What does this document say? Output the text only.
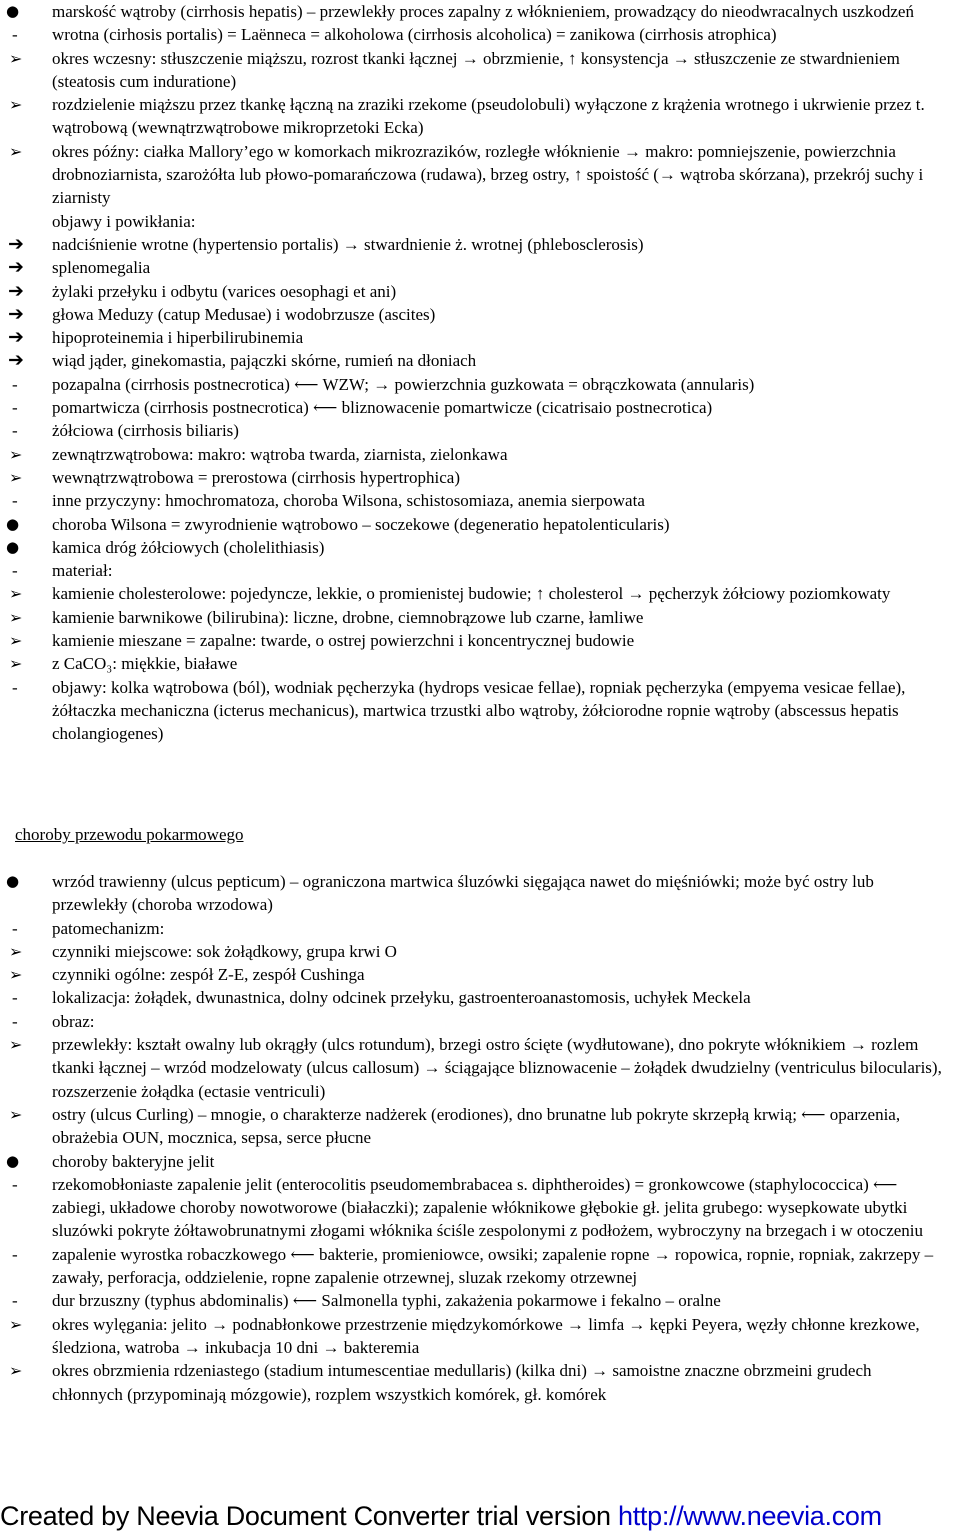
●	marskość wątroby (cirrhosis hepatis) – przewlekły proces zapalny z włóknieniem, prowadzący do nieodwracalnych uszkodzeń
-	wrotna (cirhosis portalis) = Laënneca = alkoholowa (cirrhosis alcoholica) = zanikowa (cirrhosis atrophica)
➢	okres wczesny: stłuszczenie miąższu, rozrost tkanki łącznej → obrzmienie, ↑ konsystencja → stłuszczenie ze stwardnieniem (steatosis cum induratione)
➢	rozdzielenie miąższu przez tkankę łączną na zraziki rzekome (pseudolobuli) wyłączone z krążenia wrotnego i ukrwienie przez t. wątrobową (wewnątrzwątrobowe mikroprzetoki Ecka)
➢	okres późny: ciałka Mallory’ego w komorkach mikrozrazików, rozległe włóknienie → makro: pomniejszenie, powierzchnia drobnoziarnista, szarożółta lub płowo-pomarańczowa (rudawa), brzeg ostry, ↑ spoistość (→ wątroba skórzana), przekrój suchy i ziarnisty
objawy i powikłania:
➔	nadciśnienie wrotne (hypertensio portalis) → stwardnienie ż. wrotnej (phlebosclerosis)
➔	splenomegalia
➔	żylaki przełyku i odbytu (varices oesophagi et ani)
➔	głowa Meduzy (catup Medusae) i wodobrzusze (ascites)
➔	hipoproteinemia i hiperbilirubinemia
➔	wiąd jąder, ginekomastia, pajączki skórne, rumień na dłoniach
-	pozapalna (cirrhosis postnecrotica) ⟵ WZW; → powierzchnia guzkowata = obrączkowata (annularis)
-	pomartwicza (cirrhosis postnecrotica) ⟵ bliznowacenie pomartwicze (cicatrisaio postnecrotica)
-	żółciowa (cirrhosis biliaris)
➢	zewnątrzwątrobowa: makro: wątroba twarda, ziarnista, zielonkawa
➢	wewnątrzwątrobowa = prerostowa (cirrhosis hypertrophica)
-	inne przyczyny: hmochromatoza, choroba Wilsona, schistosomiaza, anemia sierpowata
●	choroba Wilsona = zwyrodnienie wątrobowo – soczekowe (degeneratio hepatolenticularis)
●	kamica dróg żółciowych (cholelithiasis)
-	materiał:
➢	kamienie cholesterolowe: pojedyncze, lekkie, o promienistej budowie; ↑ cholesterol → pęcherzyk żółciowy poziomkowaty
➢	kamienie barwnikowe (bilirubina): liczne, drobne, ciemnobrązowe lub czarne, łamliwe
➢	kamienie mieszane = zapalne: twarde, o ostrej powierzchni i koncentrycznej budowie
➢	z CaCO₃: miękkie, białawe
-	objawy: kolka wątrobowa (ból), wodniak pęcherzyka (hydrops vesicae fellae), ropniak pęcherzyka (empyema vesicae fellae), żółtaczka mechaniczna (icterus mechanicus), martwica trzustki albo wątroby, żółciorodne ropnie wątroby (abscessus hepatis cholangiogenes)
choroby przewodu pokarmowego
●	wrzód trawienny (ulcus pepticum) – ograniczona martwica śluzówki sięgająca nawet do mięśniówki; może być ostry lub przewlekły (choroba wrzodowa)
-	patomechanizm:
➢	czynniki miejscowe: sok żołądkowy, grupa krwi O
➢	czynniki ogólne: zespół Z-E, zespół Cushinga
-	lokalizacja: żołądek, dwunastnica, dolny odcinek przełyku, gastroenteroanastomosis, uchyłek Meckela
-	obraz:
➢	przewlekły: kształt owalny lub okrągły (ulcs rotundum), brzegi ostro ścięte (wydłutowane), dno pokryte włóknikiem → rozlem tkanki łącznej – wrzód modzelowaty (ulcus callosum) → ściągające bliznowacenie – żołądek dwudzielny (ventriculus bilocularis), rozszerzenie żołądka (ectasie ventriculi)
➢	ostry (ulcus Curling) – mnogie, o charakterze nadżerek (erodiones), dno brunatne lub pokryte skrzepłą krwią; ⟵ oparzenia, obrażebia OUN, mocznica, sepsa, serce płucne
●	choroby bakteryjne jelit
-	rzekomobłoniaste zapalenie jelit (enterocolitis pseudomembrabacea s. diphtheroides) = gronkowcowe (staphylococcica) ⟵ zabiegi, układowe choroby nowotworowe (białaczki); zapalenie włóknikowe głębokie gł. jelita grubego: wysepkowate ubytki sluzówki pokryte żółtawobrunatnymi złogami włóknika ściśle zespolonymi z podłożem, wybroczyny na brzegach i w otoczeniu
-	zapalenie wyrostka robaczkowego ⟵ bakterie, promieniowce, owsiki; zapalenie ropne → ropowica, ropnie, ropniak, zakrzepy – zawały, perforacja, oddzielenie, ropne zapalenie otrzewnej, sluzak rzekomy otrzewnej
-	dur brzuszny (typhus abdominalis) ⟵ Salmonella typhi, zakażenia pokarmowe i fekalno – oralne
➢	okres wylęgania: jelito → podnabłonkowe przestrzenie międzykomórkowe → limfa → kępki Peyera, węzły chłonne krezkowe, śledziona, watroba → inkubacja 10 dni → bakteremia
➢	okres obrzmienia rdzeniastego (stadium intumescentiae medullaris) (kilka dni) → samoistne znaczne obrzmeini grudech chłonnych (przypominają mózgowie), rozplem wszystkich komórek, gł. komórek
Created by Neevia Document Converter trial version http://www.neevia.com
